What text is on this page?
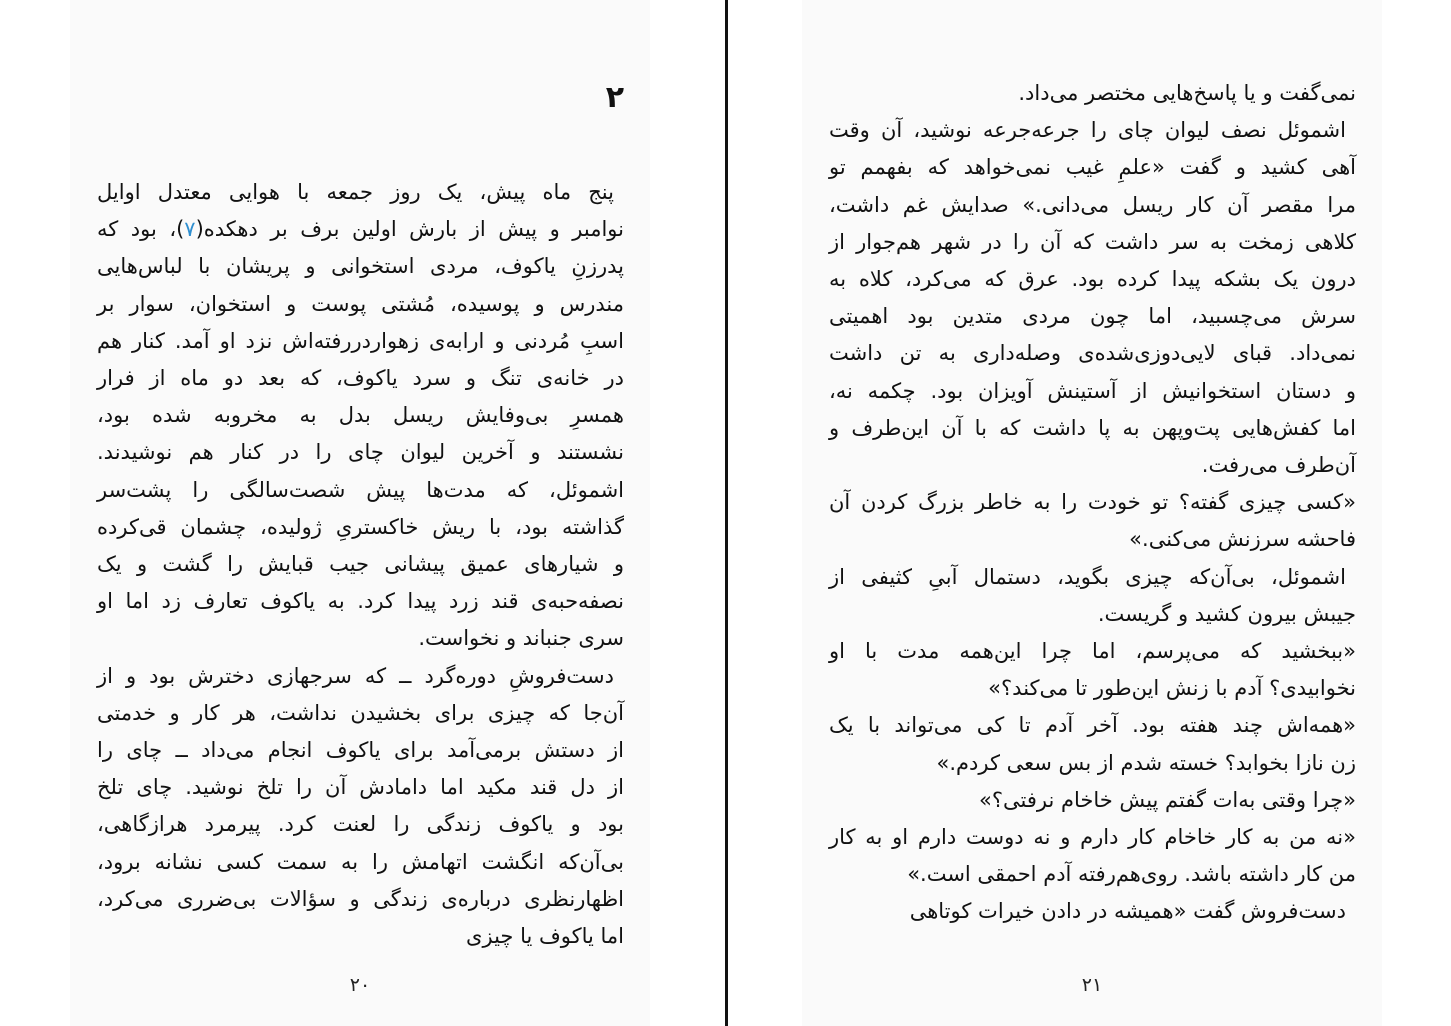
۲

پنج ماه پیش، یک روز جمعه با هوایی معتدل اوایل
نوامبر و پیش از بارش اولین برف بر دهکده(۷)، بود که
پدرزنِ یاکوف، مردی استخوانی و پریشان با لباس‌هایی
مندرس و پوسیده، مُشتی پوست و استخوان، سوار بر
اسبِ مُردنی و ارابه‌ی زهواردررفته‌اش نزد او آمد. کنار هم
در خانه‌ی تنگ و سرد یاکوف، که بعد دو ماه از فرار
همسرِ بی‌وفایش ریسل بدل به مخروبه شده بود،
نشستند و آخرین لیوان چای را در کنار هم نوشیدند.
اشموئل، که مدت‌ها پیش شصت‌سالگی را پشت‌سر
گذاشته بود، با ریش خاکستریِ ژولیده، چشمان قی‌کرده
و شیارهای عمیق پیشانی جیب قبایش را گشت و یک
نصفه‌حبه‌ی قند زرد پیدا کرد. به یاکوف تعارف زد اما او
سری جنباند و نخواست.

دست‌فروشِ دوره‌گرد ــ که سرجهازی دخترش بود و از
آن‌جا که چیزی برای بخشیدن نداشت، هر کار و خدمتی
از دستش برمی‌آمد برای یاکوف انجام می‌داد ــ چای را
از دل قند مکید اما دامادش آن را تلخ نوشید. چای تلخ
بود و یاکوف زندگی را لعنت کرد. پیرمرد هرازگاهی،
بی‌آن‌که انگشت اتهامش را به سمت کسی نشانه برود،
اظهارنظری درباره‌ی زندگی و سؤالات بی‌ضرری می‌کرد،
اما یاکوف یا چیزی

۲۰
نمی‌گفت و یا پاسخ‌هایی مختصر می‌داد.
اشموئل نصف لیوان چای را جرعه‌جرعه نوشید، آن وقت
آهی کشید و گفت «علمِ غیب نمی‌خواهد که بفهمم تو
مرا مقصر آن کار ریسل می‌دانی.» صدایش غم داشت،
کلاهی زمخت به سر داشت که آن را در شهر هم‌جوار از
درون یک بشکه پیدا کرده بود. عرق که می‌کرد، کلاه به
سرش می‌چسبید، اما چون مردی متدین بود اهمیتی
نمی‌داد. قبای لایی‌دوزی‌شده‌ی وصله‌داری به تن داشت
و دستان استخوانیش از آستینش آویزان بود. چکمه نه،
اما کفش‌هایی پت‌وپهن به پا داشت که با آن این‌طرف و
آن‌طرف می‌رفت.
«کسی چیزی گفته؟ تو خودت را به خاطر بزرگ کردن آن
فاحشه سرزنش می‌کنی.»
اشموئل، بی‌آن‌که چیزی بگوید، دستمال آبیِ کثیفی از
جیبش بیرون کشید و گریست.
«ببخشید که می‌پرسم، اما چرا این‌همه مدت با او
نخوابیدی؟ آدم با زنش این‌طور تا می‌کند؟»
«همه‌اش چند هفته بود. آخر آدم تا کی می‌تواند با یک
زن نازا بخوابد؟ خسته شدم از بس سعی کردم.»
«چرا وقتی به‌ات گفتم پیش خاخام نرفتی؟»
«نه من به کار خاخام کار دارم و نه دوست دارم او به کار
من کار داشته باشد. روی‌هم‌رفته آدم احمقی است.»
دست‌فروش گفت «همیشه در دادن خیرات کوتاهی
۲۱
